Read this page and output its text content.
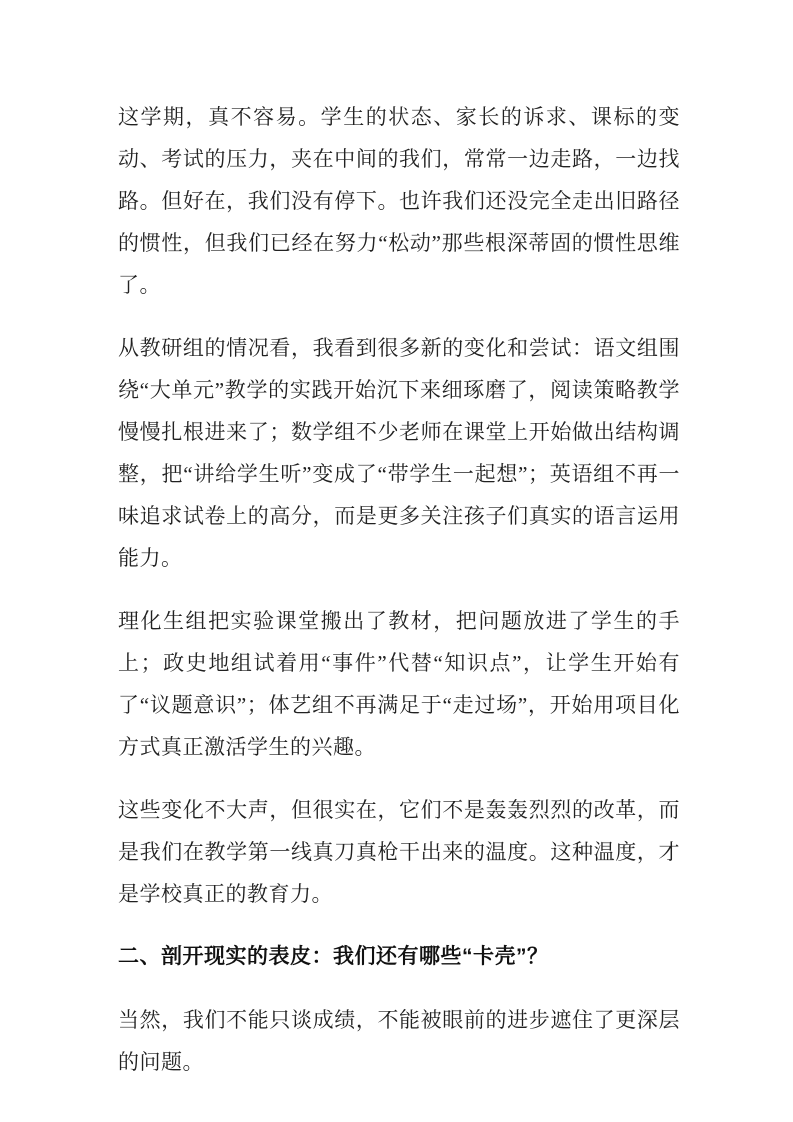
这学期，真不容易。学生的状态、家长的诉求、课标的变动、考试的压力，夹在中间的我们，常常一边走路，一边找路。但好在，我们没有停下。也许我们还没完全走出旧路径的惯性，但我们已经在努力“松动”那些根深蒂固的惯性思维了。

从教研组的情况看，我看到很多新的变化和尝试：语文组围绕“大单元”教学的实践开始沉下来细琢磨了，阅读策略教学慢慢扎根进来了；数学组不少老师在课堂上开始做出结构调整，把“讲给学生听”变成了“带学生一起想”；英语组不再一味追求试卷上的高分，而是更多关注孩子们真实的语言运用能力。

理化生组把实验课堂搬出了教材，把问题放进了学生的手上；政史地组试着用“事件”代替“知识点”，让学生开始有了“议题意识”；体艺组不再满足于“走过场”，开始用项目化方式真正激活学生的兴趣。

这些变化不大声，但很实在，它们不是轰轰烈烈的改革，而是我们在教学第一线真刀真枪干出来的温度。这种温度，才是学校真正的教育力。

二、剖开现实的表皮：我们还有哪些“卡壳”？

当然，我们不能只谈成绩，不能被眼前的进步遮住了更深层的问题。
